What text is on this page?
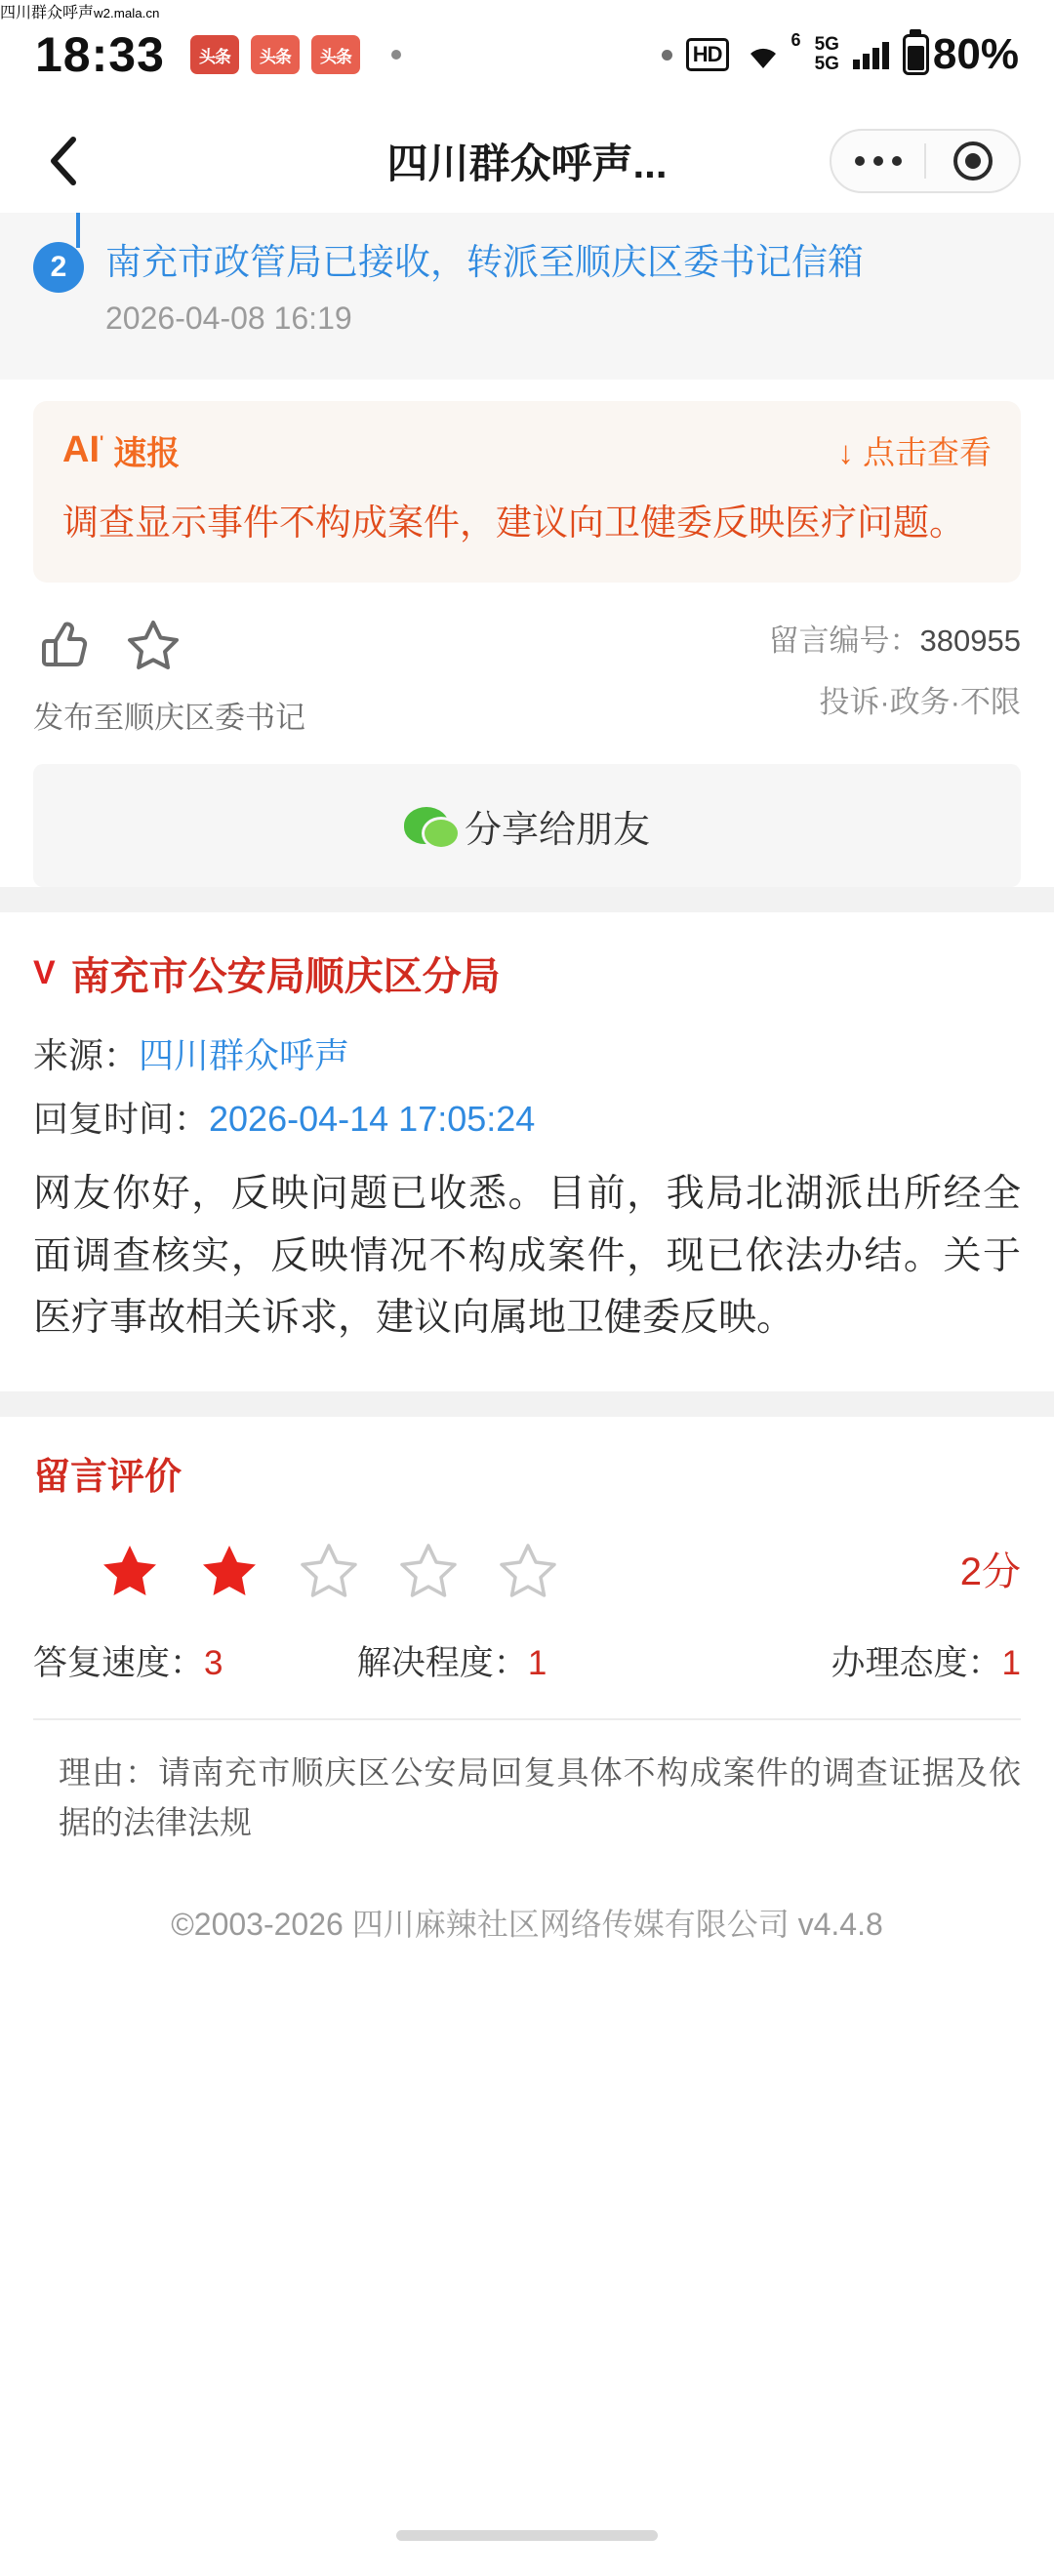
18:33	头条	头条	头条	HD
6 5G
5G 80%
四川群众呼声...
2	南充市政管局已接收，转派至顺庆区委书记信箱
2026-04-08 16:19
AI' 速报	↓ 点击查看
调查显示事件不构成案件，建议向卫健委反映医疗问题。
发布至顺庆区委书记
留言编号：380955
投诉·政务·不限
分享给朋友
V 南充市公安局顺庆区分局
来源：四川群众呼声
回复时间：2026-04-14 17:05:24
网友你好，反映问题已收悉。目前，我局北湖派出所经全面调查核实，反映情况不构成案件，现已依法办结。关于医疗事故相关诉求，建议向属地卫健委反映。
留言评价
2分
答复速度：3	解决程度：1	办理态度：1
理由：请南充市顺庆区公安局回复具体不构成案件的调查证据及依据的法律法规
©2003-2026 四川麻辣社区网络传媒有限公司 v4.4.8
四川群众呼声w2.mala.cn
